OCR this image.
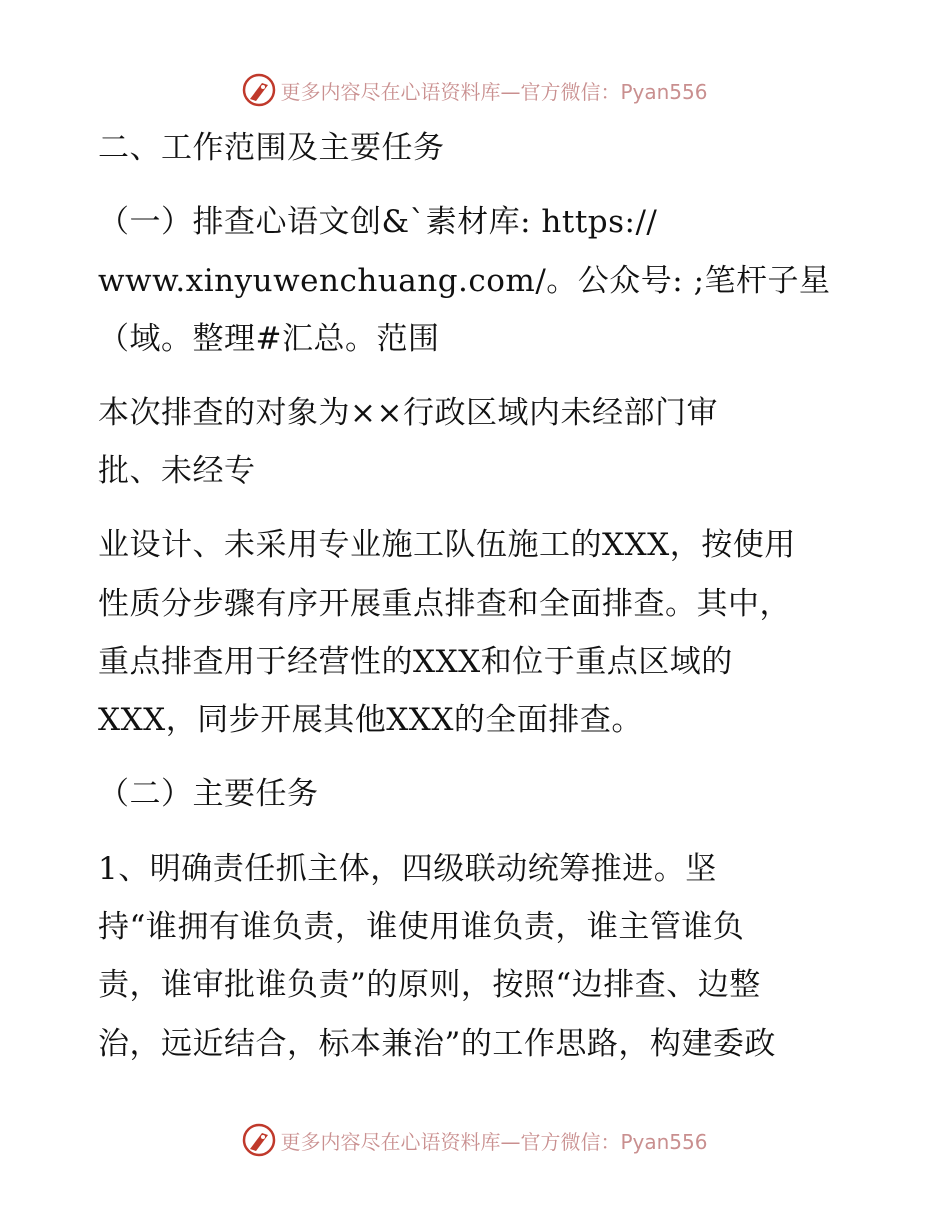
更多内容尽在心语资料库—官方微信：Pyan556
二、工作范围及主要任务
（一）排查心语文创&`素材库: https://
www.xinyuwenchuang.com/。公众号: ;笔杆子星
（域。整理#汇总。范围
本次排查的对象为××行政区域内未经部门审
批、未经专
业设计、未采用专业施工队伍施工的XXX，按使用
性质分步骤有序开展重点排查和全面排查。其中，
重点排查用于经营性的XXX和位于重点区域的
XXX，同步开展其他XXX的全面排查。
（二）主要任务
1、明确责任抓主体，四级联动统筹推进。坚
持“谁拥有谁负责，谁使用谁负责，谁主管谁负
责，谁审批谁负责”的原则，按照“边排查、边整
治，远近结合，标本兼治”的工作思路，构建委政
更多内容尽在心语资料库—官方微信：Pyan556
